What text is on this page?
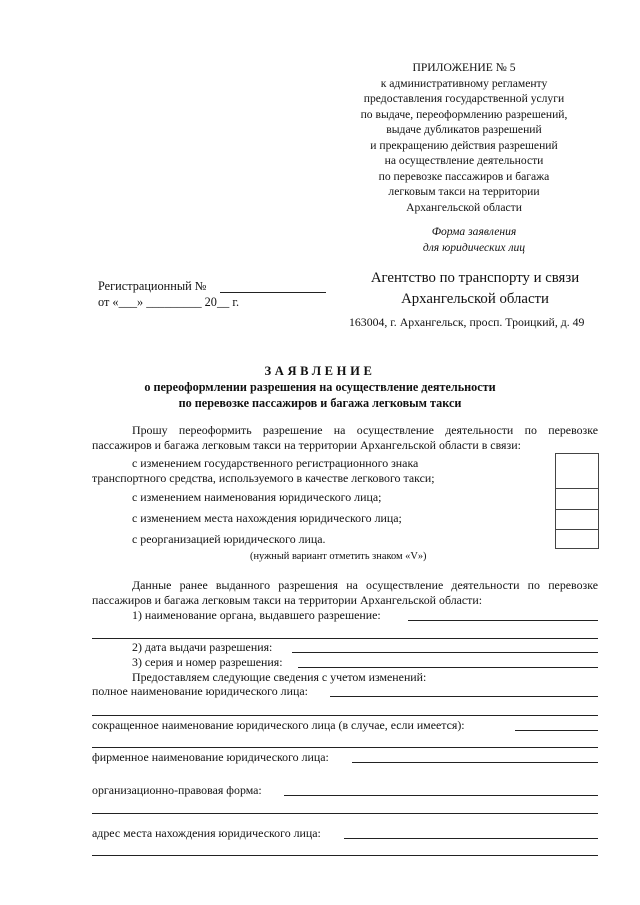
ПРИЛОЖЕНИЕ № 5
к административному регламенту
предоставления государственной услуги
по выдаче, переоформлению разрешений,
выдаче дубликатов разрешений
и прекращению действия разрешений
на осуществление деятельности
по перевозке пассажиров и багажа
легковым такси на территории
Архангельской области
Форма заявления
для юридических лиц
Регистрационный №
от «___» _________ 20__ г.
Агентство по транспорту и связи
Архангельской области
163004, г. Архангельск, просп. Троицкий, д. 49
ЗАЯВЛЕНИЕ
о переоформлении разрешения на осуществление деятельности
по перевозке пассажиров и багажа легковым такси
Прошу переоформить разрешение на осуществление деятельности по перевозке
пассажиров и багажа легковым такси на территории Архангельской области в связи:
с изменением государственного регистрационного знака
транспортного средства, используемого в качестве легкового такси;
с изменением наименования юридического лица;
с изменением места нахождения юридического лица;
с реорганизацией юридического лица.
(нужный вариант отметить знаком «V»)
Данные ранее выданного разрешения на осуществление деятельности по перевозке
пассажиров и багажа легковым такси на территории Архангельской области:
1) наименование органа, выдавшего разрешение:
2) дата выдачи разрешения:
3) серия и номер разрешения:
Предоставляем следующие сведения с учетом изменений:
полное наименование юридического лица:
сокращенное наименование юридического лица (в случае, если имеется):
фирменное наименование юридического лица:
организационно-правовая форма:
адрес места нахождения юридического лица:
